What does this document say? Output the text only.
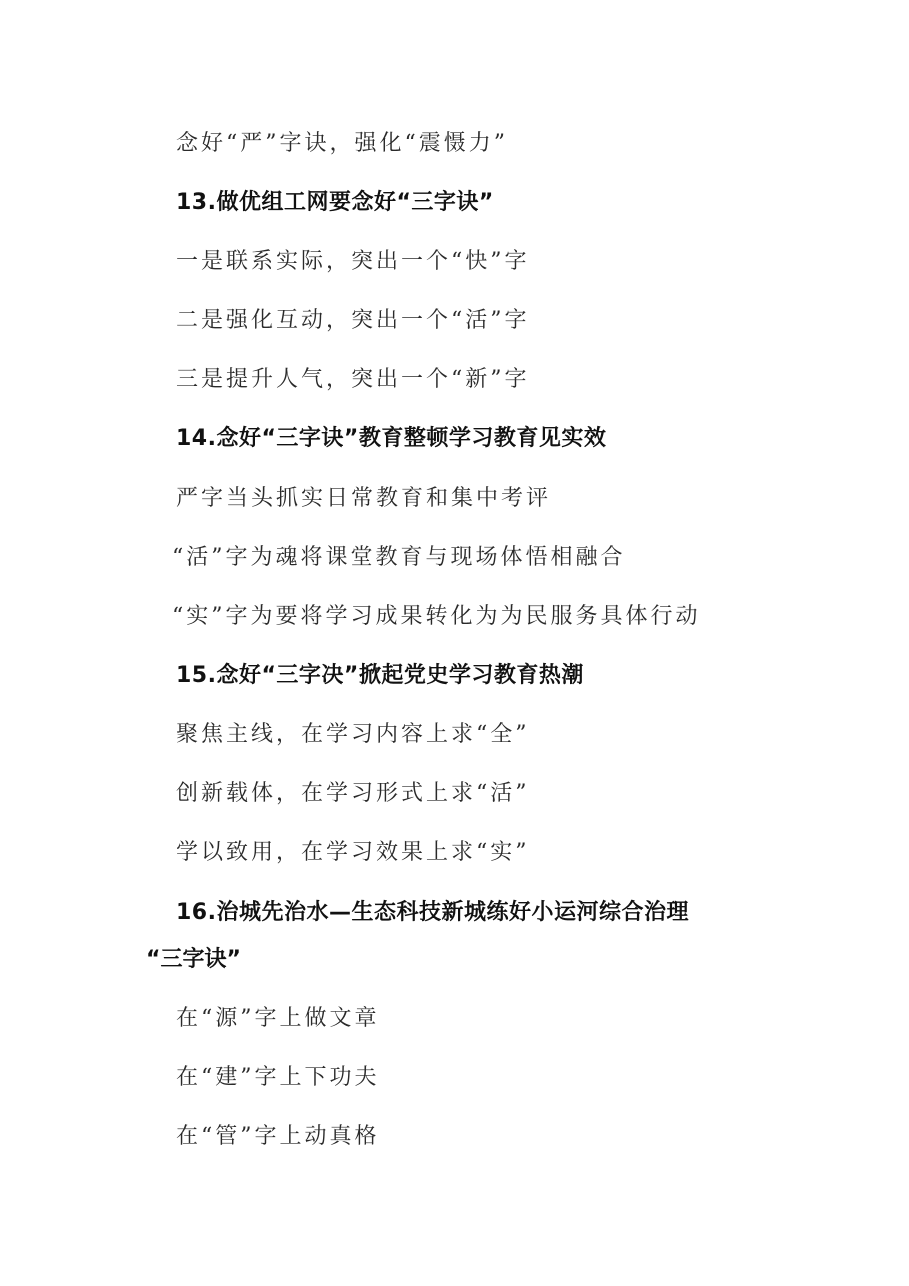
念好“严”字诀，强化“震慑力”
13.做优组工网要念好“三字诀”
一是联系实际，突出一个“快”字
二是强化互动，突出一个“活”字
三是提升人气，突出一个“新”字
14.念好“三字诀”教育整顿学习教育见实效
严字当头抓实日常教育和集中考评
“活”字为魂将课堂教育与现场体悟相融合
“实”字为要将学习成果转化为为民服务具体行动
15.念好“三字决”掀起党史学习教育热潮
聚焦主线，在学习内容上求“全”
创新载体，在学习形式上求“活”
学以致用，在学习效果上求“实”
16.治城先治水—生态科技新城练好小运河综合治理
“三字诀”
在“源”字上做文章
在“建”字上下功夫
在“管”字上动真格
